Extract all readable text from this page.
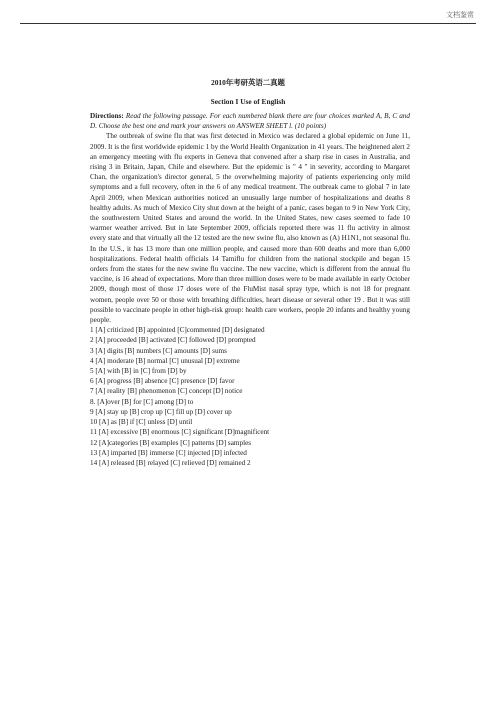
文档鉴赏
2010年考研英语二真题
Section I Use of English

Directions: Read the following passage. For each numbered blank there are four choices marked A, B, C and D. Choose the best one and mark your answers on ANSWER SHEET l. (10 points)

The outbreak of swine flu that was first detected in Mexico was declared a global epidemic on June 11, 2009. It is the first worldwide epidemic 1 by the World Health Organization in 41 years. The heightened alert 2 an emergency meeting with flu experts in Geneva that convened after a sharp rise in cases in Australia, and rising 3 in Britain, Japan, Chile and elsewhere. But the epidemic is " 4 " in severity, according to Margaret Chan, the organization's director general, 5 the overwhelming majority of patients experiencing only mild symptoms and a full recovery, often in the 6 of any medical treatment. The outbreak came to global 7 in late April 2009, when Mexican authorities noticed an unusually large number of hospitalizations and deaths 8 healthy adults. As much of Mexico City shut down at the height of a panic, cases began to 9 in New York City, the southwestern United States and around the world. In the United States, new cases seemed to fade 10 warmer weather arrived. But in late September 2009, officials reported there was 11 flu activity in almost every state and that virtually all the 12 tested are the new swine flu, also known as (A) H1N1, not seasonal flu. In the U.S., it has 13 more than one million people, and caused more than 600 deaths and more than 6,000 hospitalizations. Federal health officials 14 Tamiflu for children from the national stockpile and began 15 orders from the states for the new swine flu vaccine. The new vaccine, which is different from the annual flu vaccine, is 16 ahead of expectations. More than three million doses were to be made available in early October 2009, though most of those 17 doses were of the FluMist nasal spray type, which is not 18 for pregnant women, people over 50 or those with breathing difficulties, heart disease or several other 19 . But it was still possible to vaccinate people in other high-risk group: health care workers, people 20 infants and healthy young people.

1 [A] criticized [B] appointed [C]commented [D] designated
2 [A] proceeded [B] activated [C] followed [D] prompted
3 [A] digits [B] numbers [C] amounts [D] sums
4 [A] moderate [B] normal [C] unusual [D] extreme
5 [A] with [B] in [C] from [D] by
6 [A] progress [B] absence [C] presence [D] favor
7 [A] reality [B] phenomenon [C] concept [D] notice
8. [A]over [B] for [C] among [D] to
9 [A] stay up [B] crop up [C] fill up [D] cover up
10 [A] as [B] if [C] unless [D] until
11 [A] excessive [B] enormous [C] significant [D]magnificent
12 [A]categories [B] examples [C] patterns [D] samples
13 [A] imparted [B] immerse [C] injected [D] infected
14 [A] released [B] relayed [C] relieved [D] remained 2
